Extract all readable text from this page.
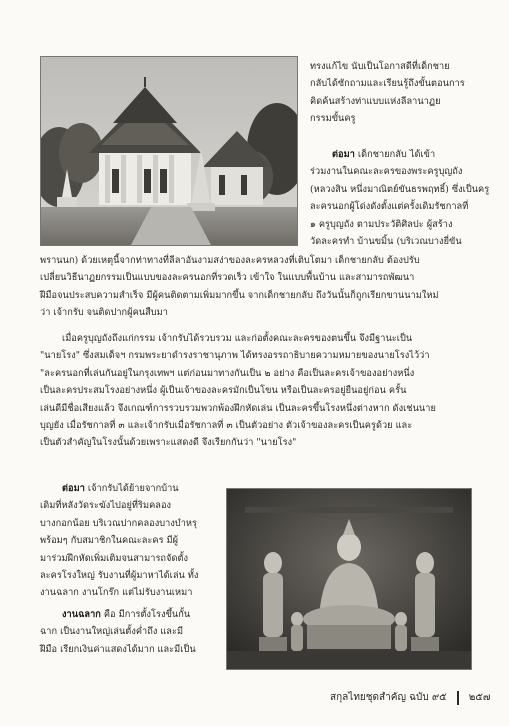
ทรงแก้ไข นับเป็นโอกาสดีที่เด็กชาย
กลับได้ซักถามและเรียนรู้ถึงขั้นตอนการ
คิดค้นสร้างท่าแบบแห่งลีลานาฏย
กรรมขั้นครู
ต่อมา เด็กชายกลับ ได้เข้า
ร่วมงานในคณะละครของพระครูบุญถัง
(หลวงสิน หนึ่งมาณิตย์ขันธรพฤทธิ์) ซึ่งเป็นครู
ละครนอกผู้โด่งดังตั้งแต่ครั้งเดิมรัชกาลที่
๑ ครูบุญถัง ตามประวัติศิลปะ ผู้สร้าง
วัดละครทำ บ้านขมิ้น (บริเวณบางยี่ขัน
พรานนก) ด้วยเหตุนี้จากท่าทางที่ลีลาอันงามสง่าของละครหลวงที่เติบโตมา เด็กชายกลับ ต้องปรับ
เปลี่ยนวิธีนาฏยกรรมเป็นแบบของละครนอกที่รวดเร็ว เข้าใจ ในแบบพื้นบ้าน และสามารถพัฒนา
ฝีมือจนประสบความสำเร็จ มีผู้คนติดตามเพิ่มมากขึ้น จากเด็กชายกลับ ถึงวันนั้นก็ถูกเรียกขานนามใหม่
ว่า เจ้ากรับ จนติดปากผู้คนสืบมา
เมื่อครูบุญถังถึงแก่กรรม เจ้ากรับได้รวบรวม และก่อตั้งคณะละครของตนขึ้น จึงมีฐานะเป็น
"นายโรง" ซึ่งสมเด็จฯ กรมพระยาดำรงราชานุภาพ ได้ทรงอรรถาธิบายความหมายของนายโรงไว้ว่า
"ละครนอกที่เล่นกันอยู่ในกรุงเทพฯ แต่ก่อนมาทางกันเป็น ๒ อย่าง คือเป็นละครเจ้าของอย่างหนึ่ง
เป็นละครประสมโรงอย่างหนึ่ง ผู้เป็นเจ้าของละครมักเป็นโขน หรือเป็นละครอยู่ยืนอยู่ก่อน ครั้น
เล่นดีมีชื่อเสียงแล้ว จึงเกณฑ์การรวบรวมพวกพ้องฝึกหัดเล่น เป็นละครขึ้นโรงหนึ่งต่างหาก ดังเช่นนาย
บุญยัง เมื่อรัชกาลที่ ๓ และเจ้ากรับเมื่อรัชกาลที่ ๓ เป็นตัวอย่าง ตัวเจ้าของละครเป็นครูด้วย และ
เป็นตัวสำคัญในโรงนั้นด้วยเพราะแสดงดี จึงเรียกกันว่า "นายโรง"
ต่อมา เจ้ากรับได้ย้ายจากบ้าน
เดิมที่หลังวัดระฆังไปอยู่ที่ริมคลอง
บางกอกน้อย บริเวณปากคลองบางบำหรุ
พร้อมๆ กับสมาชิกในคณะละคร มีผู้
มาร่วมฝึกหัดเพิ่มเติมจนสามารถจัดตั้ง
ละครโรงใหญ่ รับงานที่ผู้มาหาได้เล่น ทั้ง
งานฉลาก งานโกร๊ก แต่ไม่รับงานเหมา
งานฉลาก คือ มีการตั้งโรงขึ้นกั้น
ฉาก เป็นงานใหญ่เล่นตั้งค่ำถึง และมี
ฝีมือ เรียกเงินค่าแสดงได้มาก และมีเป็น
สกุลไทยชุดสำคัญ ฉบับ ๙๕ ๒๕๗
